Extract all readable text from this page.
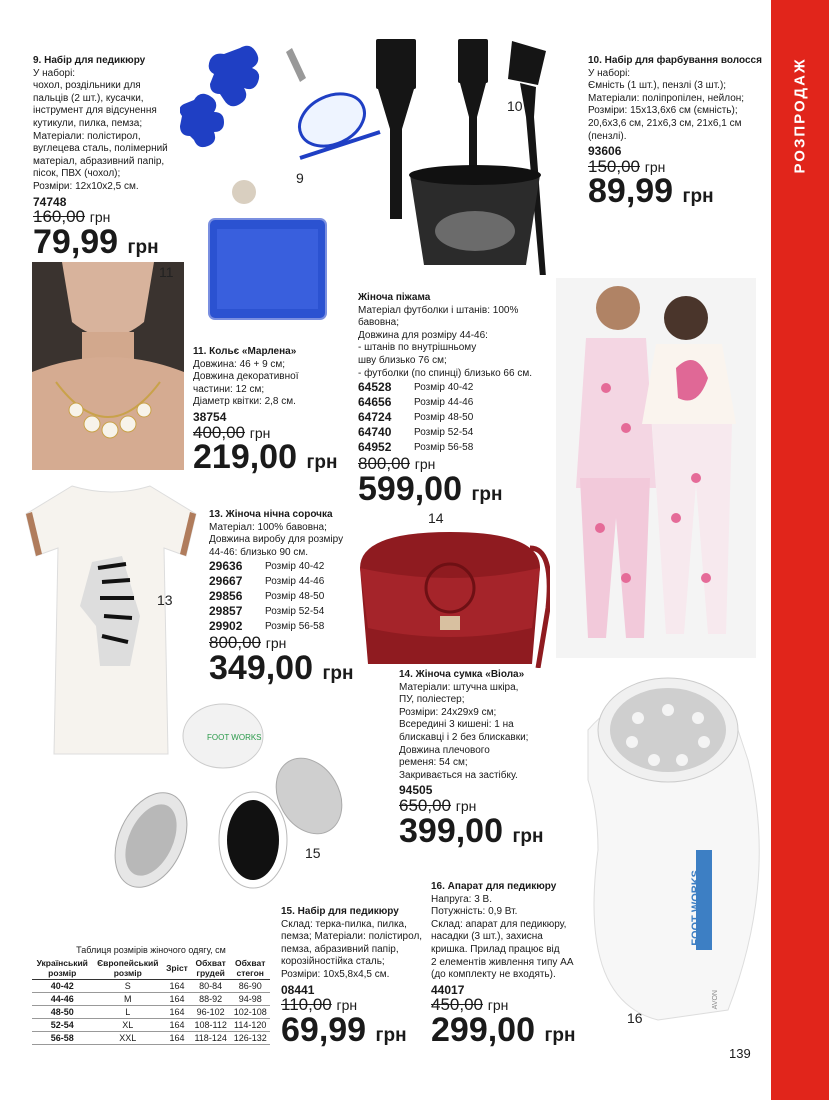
РОЗПРОДАЖ
9
10
11
13
14
FOOT WORKS
15
FOOT WORKS
AVON
16
9. Набір для педикюру
У наборі:
чохол, роздільники для
пальців (2 шт.), кусачки,
інструмент для відсунення
кутикули, пилка, пемза;
Матеріали: полістирол,
вуглецева сталь, полімерний
матеріал, абразивний папір,
пісок, ПВХ (чохол);
Розміри: 12х10х2,5 см.
74748
160,00 грн
79,99 грн
10. Набір для фарбування волосся
У наборі:
Ємність (1 шт.), пензлі (3 шт.);
Матеріали: поліпропілен, нейлон;
Розміри: 15х13,6х6 см (ємність);
20,6х3,6 см, 21х6,3 см, 21х6,1 см
(пензлі).
93606
150,00 грн
89,99 грн
11. Кольє «Марлена»
Довжина: 46 + 9 см;
Довжина декоративної
частини: 12 см;
Діаметр квітки: 2,8 см.
38754
400,00 грн
219,00 грн
Жіноча піжама
Матеріал футболки і штанів: 100% бавовна;
Довжина для розміру 44-46:
- штанів по внутрішньому
шву близько 76 см;
- футболки (по спинці) близько 66 см.
64528	Розмір 40-42
64656	Розмір 44-46
64724	Розмір 48-50
64740	Розмір 52-54
64952	Розмір 56-58
800,00 грн
599,00 грн
13. Жіноча нічна сорочка
Матеріал: 100% бавовна;
Довжина виробу для розміру
44-46: близько 90 см.
29636	Розмір 40-42
29667	Розмір 44-46
29856	Розмір 48-50
29857	Розмір 52-54
29902	Розмір 56-58
800,00 грн
349,00 грн	14. Жіноча сумка «Віола»
Матеріали: штучна шкіра,
ПУ, поліестер;
Розміри: 24х29х9 см;
Всередині 3 кишені: 1 на
блискавці і 2 без блискавки;
Довжина плечового
ременя: 54 см;
Закривається на застібку.
94505
650,00 грн
399,00 грн
15. Набір для педикюру
Склад: терка-пилка, пилка,
пемза; Матеріали: полістирол,
пемза, абразивний папір,
корозійностійка сталь;
Розміри: 10х5,8х4,5 см.
08441
110,00 грн
69,99 грн
16. Апарат для педикюру
Напруга: 3 В.
Потужність: 0,9 Вт.
Склад: апарат для педикюру,
насадки (3 шт.), захисна
кришка. Прилад працює від
2 елементів живлення типу АА
(до комплекту не входять).
44017
450,00 грн
299,00 грн
Таблиця розмірів жіночого одягу, см
Український розмір	Європейський розмір	Зріст	Обхват грудей	Обхват стегон
40-42	S	164	80-84	86-90
44-46	M	164	88-92	94-98
48-50	L	164	96-102	102-108
52-54	XL	164	108-112	114-120
56-58	XXL	164	118-124	126-132
139
